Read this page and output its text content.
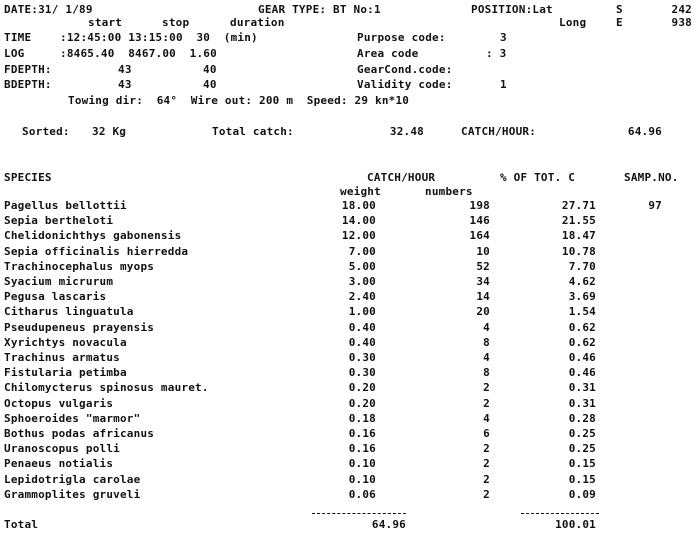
DATE:31/ 1/89	GEAR TYPE: BT No:1	POSITION:Lat	S	242
start	stop	duration	Long	E	938
TIME	:12:45:00 13:15:00  30  (min)	Purpose code:	3
LOG	:8465.40  8467.00  1.60	Area code	: 3
FDEPTH:	43	40	GearCond.code:
BDEPTH:	43	40	Validity code:	1
Towing dir:  64°  Wire out: 200 m  Speed: 29 kn*10
Sorted: 32 Kg	Total catch:	32.48	CATCH/HOUR:	64.96
SPECIES	CATCH/HOUR	% OF TOT. C	SAMP.NO.
weight	numbers
Pagellus bellottii	18.00	198	27.71	97
Sepia bertheloti	14.00	146	21.55
Chelidonichthys gabonensis	12.00	164	18.47
Sepia officinalis hierredda	7.00	10	10.78
Trachinocephalus myops	5.00	52	7.70
Syacium micrurum	3.00	34	4.62
Pegusa lascaris	2.40	14	3.69
Citharus linguatula	1.00	20	1.54
Pseudupeneus prayensis	0.40	4	0.62
Xyrichtys novacula	0.40	8	0.62
Trachinus armatus	0.30	4	0.46
Fistularia petimba	0.30	8	0.46
Chilomycterus spinosus mauret.	0.20	2	0.31
Octopus vulgaris	0.20	2	0.31
Sphoeroides "marmor"	0.18	4	0.28
Bothus podas africanus	0.16	6	0.25
Uranoscopus polli	0.16	2	0.25
Penaeus notialis	0.10	2	0.15
Lepidotrigla carolae	0.10	2	0.15
Grammoplites gruveli	0.06	2	0.09
Total	64.96	100.01
